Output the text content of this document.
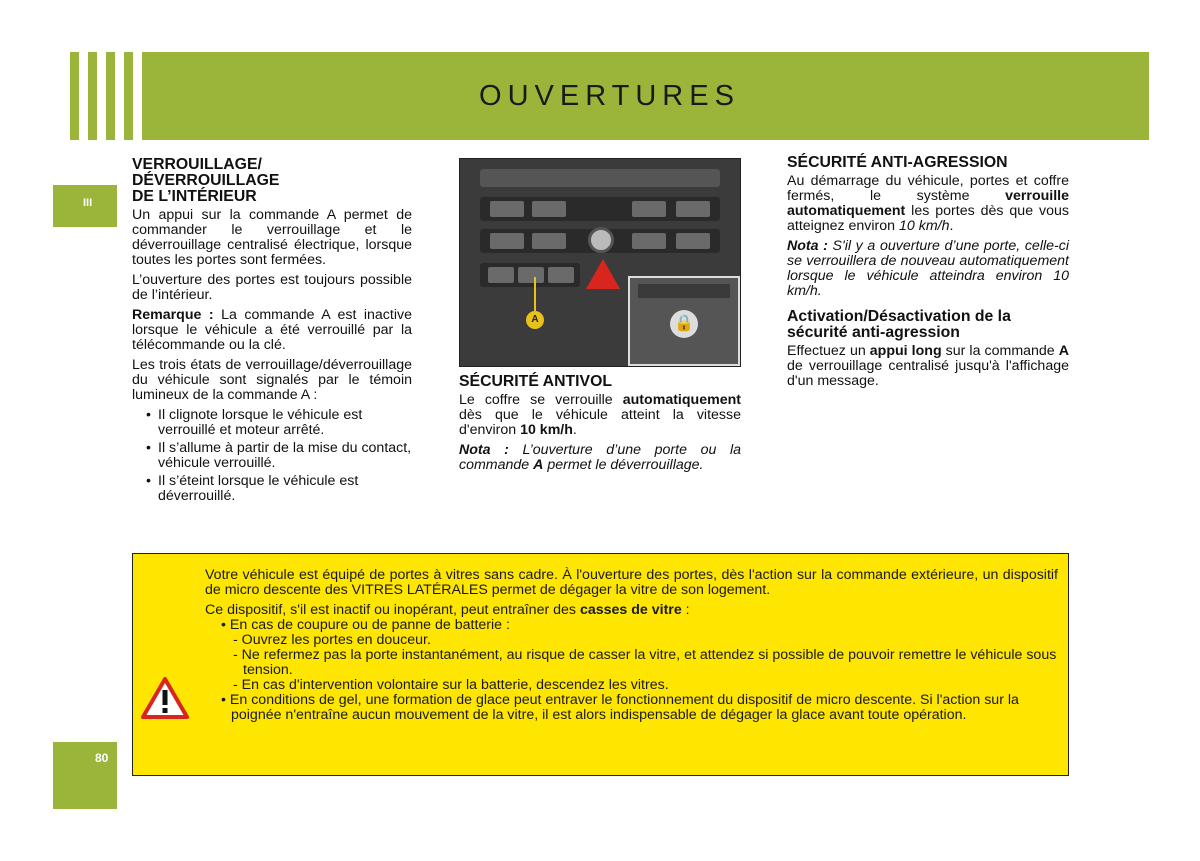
OUVERTURES
III
80
VERROUILLAGE/
DÉVERROUILLAGE
DE L’INTÉRIEUR

Un appui sur la commande A permet de commander le verrouillage et le déverrouillage centralisé électrique, lorsque toutes les portes sont fermées.

L’ouverture des portes est toujours possible de l’intérieur.

Remarque : La commande A est inactive lorsque le véhicule a été verrouillé par la télécommande ou la clé.

Les trois états de verrouillage/déverrouillage du véhicule sont signalés par le témoin lumineux de la commande A :

• Il clignote lorsque le véhicule est verrouillé et moteur arrêté.
• Il s’allume à partir de la mise du contact, véhicule verrouillé.
• Il s’éteint lorsque le véhicule est déverrouillé.
A	🔒
SÉCURITÉ ANTIVOL

Le coffre se verrouille automatiquement dès que le véhicule atteint la vitesse d'environ 10 km/h.

Nota : L’ouverture d’une porte ou la commande A permet le déverrouillage.

SÉCURITÉ ANTI-AGRESSION

Au démarrage du véhicule, portes et coffre fermés, le système verrouille automatiquement les portes dès que vous atteignez environ 10 km/h.

Nota : S'il y a ouverture d’une porte, celle-ci se verrouillera de nouveau automatiquement lorsque le véhicule atteindra environ 10 km/h.

Activation/Désactivation de la sécurité anti-agression

Effectuez un appui long sur la commande A de verrouillage centralisé jusqu'à l'affichage d'un message.

Votre véhicule est équipé de portes à vitres sans cadre. À l'ouverture des portes, dès l'action sur la commande extérieure, un dispositif de micro descente des VITRES LATÉRALES permet de dégager la vitre de son logement.

Ce dispositif, s'il est inactif ou inopérant, peut entraîner des casses de vitre :

• En cas de coupure ou de panne de batterie :
- Ouvrez les portes en douceur.
- Ne refermez pas la porte instantanément, au risque de casser la vitre, et attendez si possible de pouvoir remettre le véhicule sous tension.
- En cas d'intervention volontaire sur la batterie, descendez les vitres.
• En conditions de gel, une formation de glace peut entraver le fonctionnement du dispositif de micro descente. Si l'action sur la poignée n'entraîne aucun mouvement de la vitre, il est alors indispensable de dégager la glace avant toute opération.
